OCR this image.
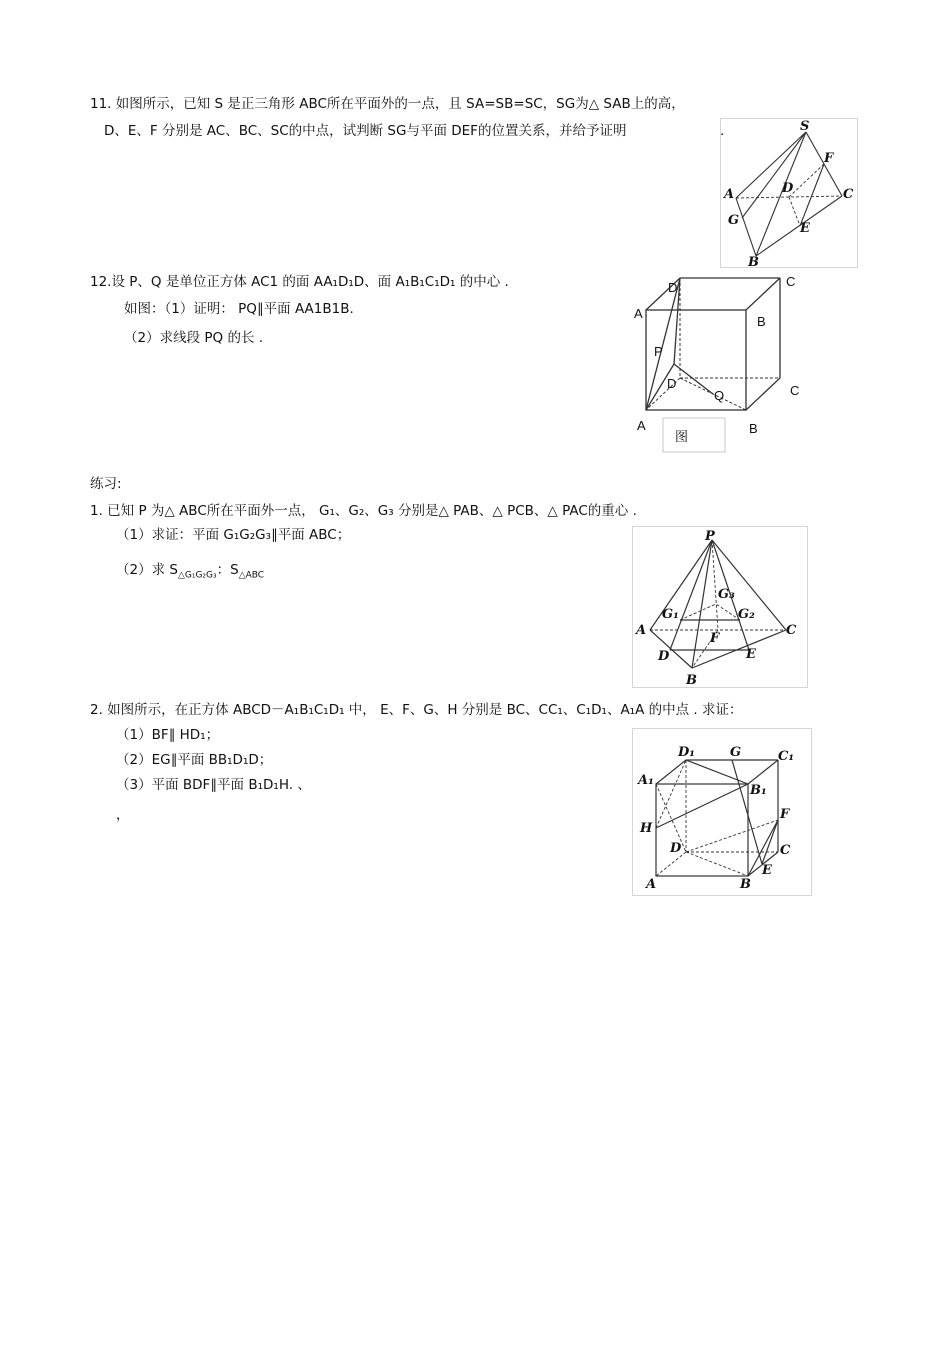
11. 如图所示，已知 S 是正三角形 ABC所在平面外的一点，且 SA=SB=SC，SG为△ SAB上的高，
D、E、F 分别是 AC、BC、SC的中点，试判断 SG与平面 DEF的位置关系，并给予证明	.	S
F
A	D	C
G
E
B
12.设 P、Q 是单位正方体 AC1 的面 AA₁D₁D、面 A₁B₁C₁D₁ 的中心 .
如图：（1）证明： PQ∥平面 AA1B1B.
（2）求线段 PQ 的长 .
D	C
A
B
P
D
Q	C
A	B
图
练习:
1. 已知 P 为△ ABC所在平面外一点， G₁、G₂、G₃ 分别是△ PAB、△ PCB、△ PAC的重心 .
（1）求证：平面 G₁G₂G₃∥平面 ABC；
（2）求 $S_{\triangle G_1G_2G_3}$：$S_{\triangle ABC}$
P
G₃
G₁	G₂
A
F
C
D	E
B
2. 如图所示，在正方体 ABCD－A₁B₁C₁D₁ 中， E、F、G、H 分别是 BC、CC₁、C₁D₁、A₁A 的中点 . 求证：
（1）BF∥ HD₁；
（2）EG∥平面 BB₁D₁D；
（3）平面 BDF∥平面 B₁D₁H. 、
，
D₁	G	C₁
A₁
B₁
F
H
D	C
E
A	B
